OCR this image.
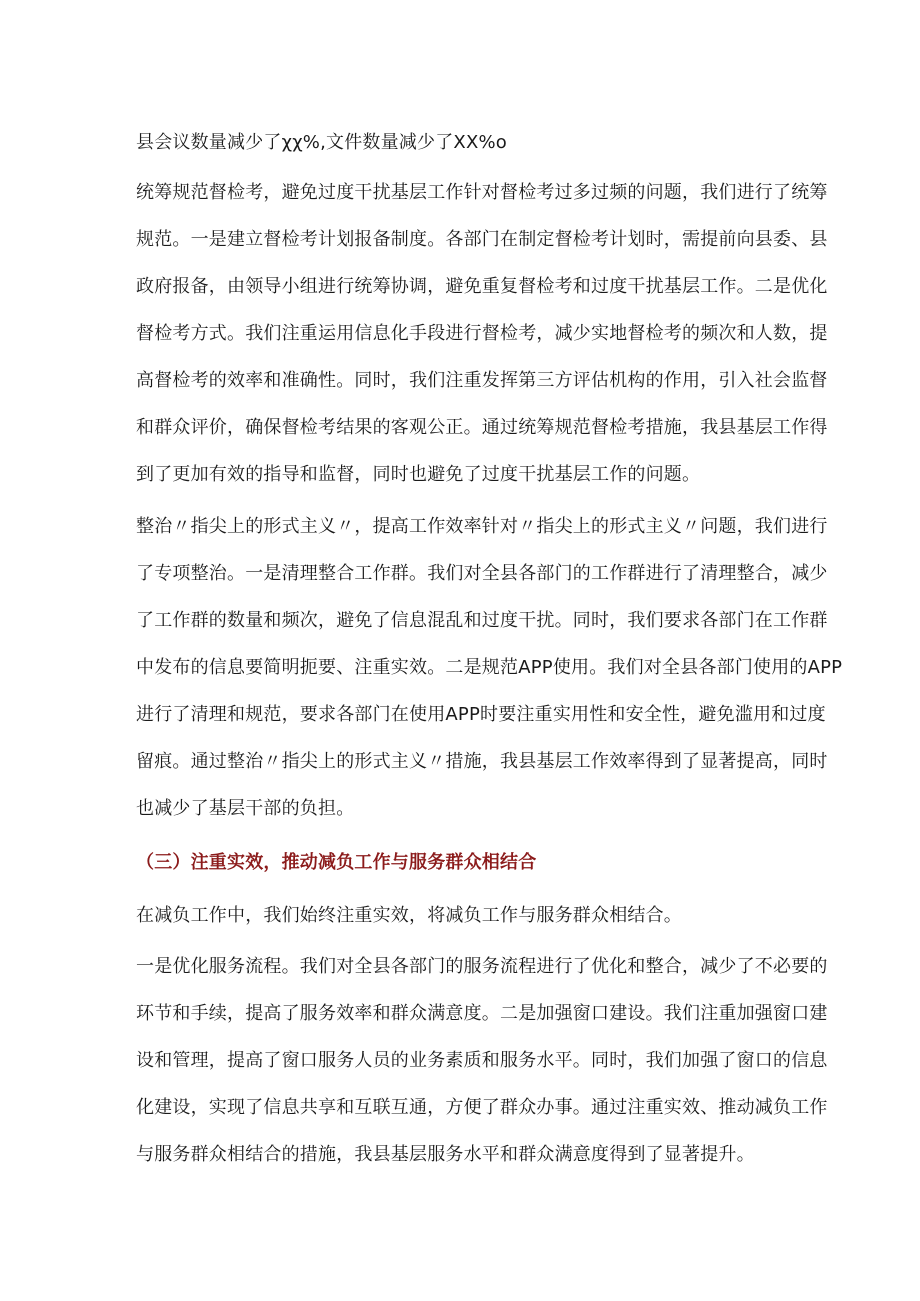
县会议数量减少了χχ%,文件数量减少了XX%o
统筹规范督检考，避免过度干扰基层工作针对督检考过多过频的问题，我们进行了统筹
规范。一是建立督检考计划报备制度。各部门在制定督检考计划时，需提前向县委、县
政府报备，由领导小组进行统筹协调，避免重复督检考和过度干扰基层工作。二是优化
督检考方式。我们注重运用信息化手段进行督检考，减少实地督检考的频次和人数，提
高督检考的效率和准确性。同时，我们注重发挥第三方评估机构的作用，引入社会监督
和群众评价，确保督检考结果的客观公正。通过统筹规范督检考措施，我县基层工作得
到了更加有效的指导和监督，同时也避免了过度干扰基层工作的问题。
整治〃指尖上的形式主义〃，提高工作效率针对〃指尖上的形式主义〃问题，我们进行
了专项整治。一是清理整合工作群。我们对全县各部门的工作群进行了清理整合，减少
了工作群的数量和频次，避免了信息混乱和过度干扰。同时，我们要求各部门在工作群
中发布的信息要简明扼要、注重实效。二是规范APP使用。我们对全县各部门使用的APP
进行了清理和规范，要求各部门在使用APP时要注重实用性和安全性，避免滥用和过度
留痕。通过整治〃指尖上的形式主义〃措施，我县基层工作效率得到了显著提高，同时
也减少了基层干部的负担。
（三）注重实效，推动减负工作与服务群众相结合
在减负工作中，我们始终注重实效，将减负工作与服务群众相结合。
一是优化服务流程。我们对全县各部门的服务流程进行了优化和整合，减少了不必要的
环节和手续，提高了服务效率和群众满意度。二是加强窗口建设。我们注重加强窗口建
设和管理，提高了窗口服务人员的业务素质和服务水平。同时，我们加强了窗口的信息
化建设，实现了信息共享和互联互通，方便了群众办事。通过注重实效、推动减负工作
与服务群众相结合的措施，我县基层服务水平和群众满意度得到了显著提升。
